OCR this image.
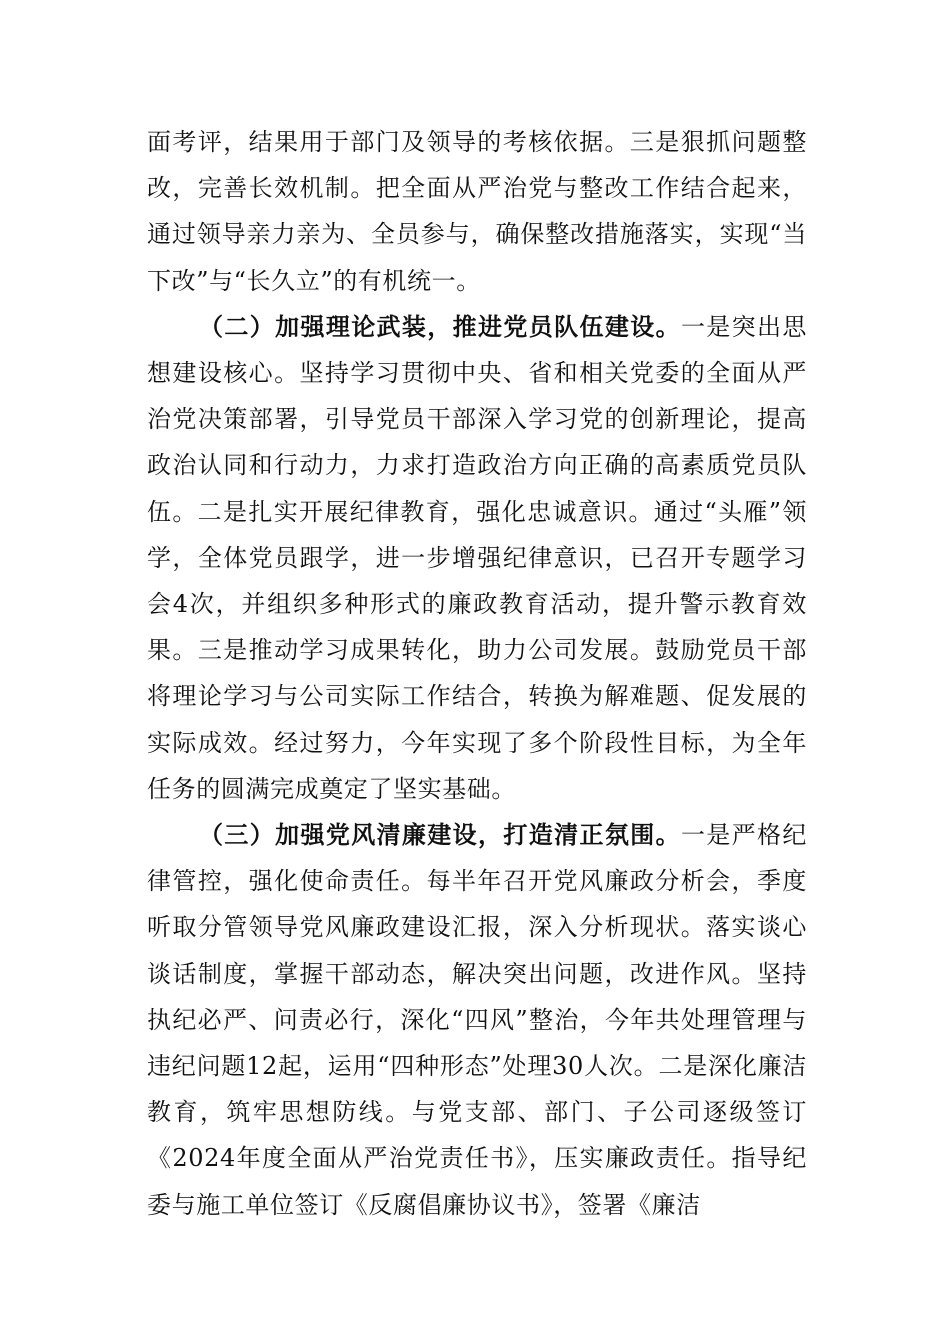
面考评，结果用于部门及领导的考核依据。三是狠抓问题整改，完善长效机制。把全面从严治党与整改工作结合起来，通过领导亲力亲为、全员参与，确保整改措施落实，实现“当下改”与“长久立”的有机统一。

（二）加强理论武装，推进党员队伍建设。一是突出思想建设核心。坚持学习贯彻中央、省和相关党委的全面从严治党决策部署，引导党员干部深入学习党的创新理论，提高政治认同和行动力，力求打造政治方向正确的高素质党员队伍。二是扎实开展纪律教育，强化忠诚意识。通过“头雁”领学，全体党员跟学，进一步增强纪律意识，已召开专题学习会4次，并组织多种形式的廉政教育活动，提升警示教育效果。三是推动学习成果转化，助力公司发展。鼓励党员干部将理论学习与公司实际工作结合，转换为解难题、促发展的实际成效。经过努力，今年实现了多个阶段性目标，为全年任务的圆满完成奠定了坚实基础。

（三）加强党风清廉建设，打造清正氛围。一是严格纪律管控，强化使命责任。每半年召开党风廉政分析会，季度听取分管领导党风廉政建设汇报，深入分析现状。落实谈心谈话制度，掌握干部动态，解决突出问题，改进作风。坚持执纪必严、问责必行，深化“四风”整治，今年共处理管理与违纪问题12起，运用“四种形态”处理30人次。二是深化廉洁教育，筑牢思想防线。与党支部、部门、子公司逐级签订《2024年度全面从严治党责任书》，压实廉政责任。指导纪委与施工单位签订《反腐倡廉协议书》，签署《廉洁
